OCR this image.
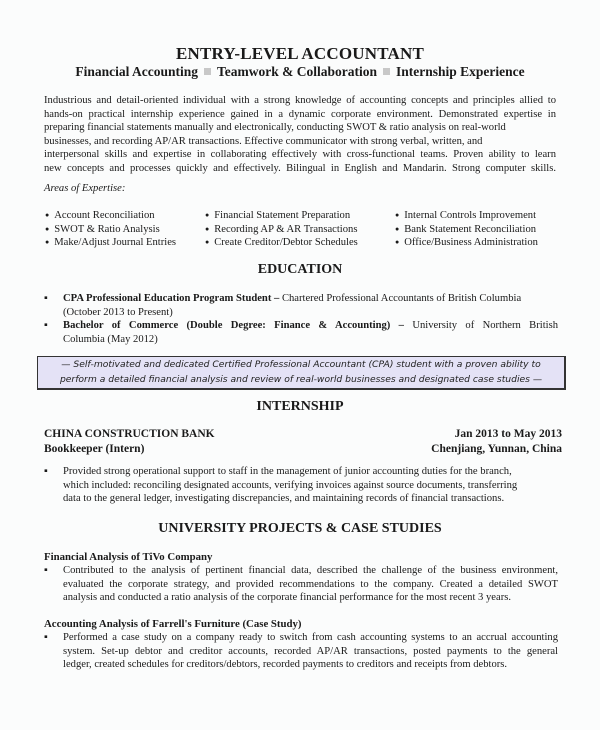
ENTRY-LEVEL ACCOUNTANT
Financial Accounting Teamwork & Collaboration Internship Experience
Industrious and detail-oriented individual with a strong knowledge of accounting concepts and principles allied to
hands-on practical internship experience gained in a dynamic corporate environment. Demonstrated expertise in
preparing financial statements manually and electronically, conducting SWOT & ratio analysis on real-world
businesses, and recording AP/AR transactions. Effective communicator with strong verbal, written, and
interpersonal skills and expertise in collaborating effectively with cross-functional teams. Proven ability to learn
new concepts and processes quickly and effectively. Bilingual in English and Mandarin. Strong computer skills.
Areas of Expertise:
● Account Reconciliation
● SWOT & Ratio Analysis
● Make/Adjust Journal Entries
● Financial Statement Preparation
● Recording AP & AR Transactions
● Create Creditor/Debtor Schedules
● Internal Controls Improvement
● Bank Statement Reconciliation
● Office/Business Administration
EDUCATION
▪ CPA Professional Education Program Student – Chartered Professional Accountants of British Columbia
(October 2013 to Present)
▪ Bachelor of Commerce (Double Degree: Finance & Accounting) – University of Northern British
Columbia (May 2012)
— Self-motivated and dedicated Certified Professional Accountant (CPA) student with a proven ability to
perform a detailed financial analysis and review of real-world businesses and designated case studies —
INTERNSHIP
CHINA CONSTRUCTION BANK
Bookkeeper (Intern)
Jan 2013 to May 2013
Chenjiang, Yunnan, China
▪ Provided strong operational support to staff in the management of junior accounting duties for the branch,
which included: reconciling designated accounts, verifying invoices against source documents, transferring
data to the general ledger, investigating discrepancies, and maintaining records of financial transactions.
UNIVERSITY PROJECTS & CASE STUDIES
Financial Analysis of TiVo Company
▪ Contributed to the analysis of pertinent financial data, described the challenge of the business environment,
evaluated the corporate strategy, and provided recommendations to the company. Created a detailed SWOT
analysis and conducted a ratio analysis of the corporate financial performance for the most recent 3 years.
Accounting Analysis of Farrell's Furniture (Case Study)
▪ Performed a case study on a company ready to switch from cash accounting systems to an accrual accounting
system. Set-up debtor and creditor accounts, recorded AP/AR transactions, posted payments to the general
ledger, created schedules for creditors/debtors, recorded payments to creditors and receipts from debtors.
